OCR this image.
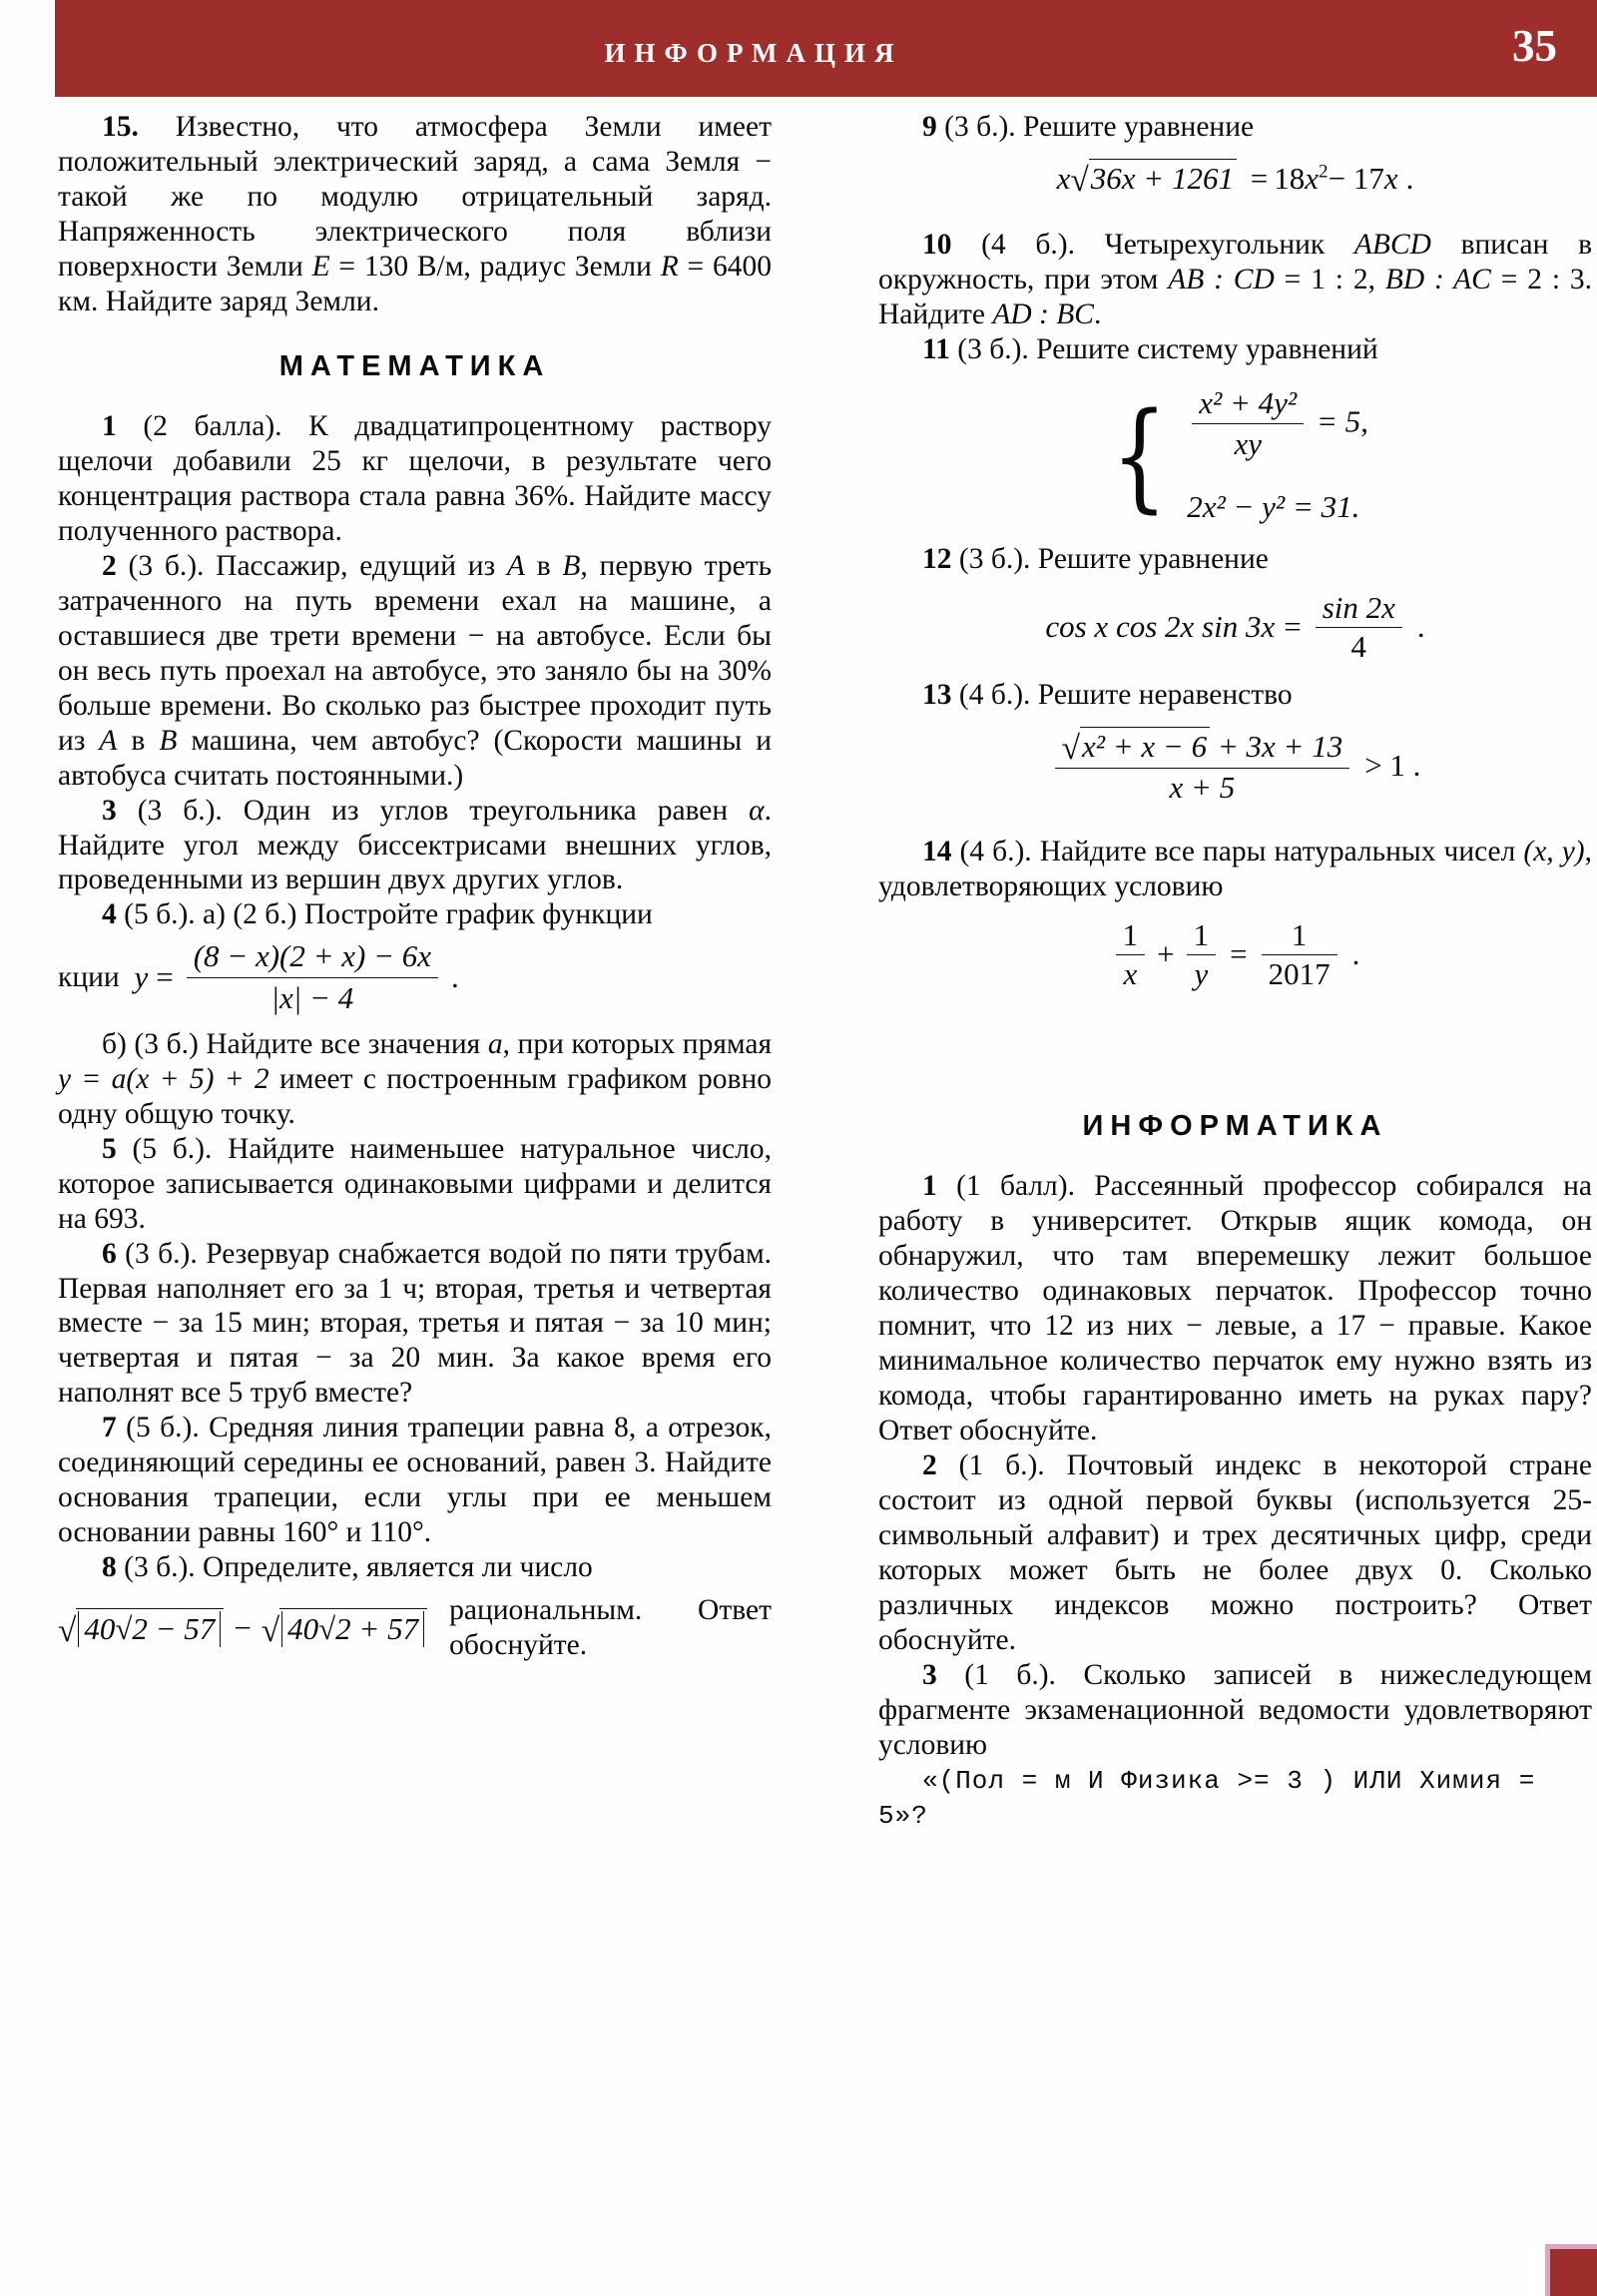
ИНФОРМАЦИЯ	35

15. Известно, что атмосфера Земли имеет положительный электрический заряд, а сама Земля − такой же по модулю отрицательный заряд. Напряженность электрического поля вблизи поверхности Земли E = 130 В/м, радиус Земли R = 6400 км. Найдите заряд Земли.

МАТЕМАТИКА

1 (2 балла). К двадцатипроцентному раствору щелочи добавили 25 кг щелочи, в результате чего концентрация раствора стала равна 36%. Найдите массу полученного раствора.

2 (3 б.). Пассажир, едущий из A в B, первую треть затраченного на путь времени ехал на машине, а оставшиеся две трети времени − на автобусе. Если бы он весь путь проехал на автобусе, это заняло бы на 30% больше времени. Во сколько раз быстрее проходит путь из A в B машина, чем автобус? (Скорости машины и автобуса считать постоянными.)

3 (3 б.). Один из углов треугольника равен α. Найдите угол между биссектрисами внешних углов, проведенными из вершин двух других углов.

4 (5 б.). а) (2 б.) Постройте график функции

кции $y = \frac{(8 - x)(2 + x) - 6x}{|x| - 4}$ .

б) (3 б.) Найдите все значения a, при которых прямая y = a(x + 5) + 2 имеет с построенным графиком ровно одну общую точку.

5 (5 б.). Найдите наименьшее натуральное число, которое записывается одинаковыми цифрами и делится на 693.

6 (3 б.). Резервуар снабжается водой по пяти трубам. Первая наполняет его за 1 ч; вторая, третья и четвертая вместе − за 15 мин; вторая, третья и пятая − за 10 мин; четвертая и пятая − за 20 мин. За какое время его наполнят все 5 труб вместе?

7 (5 б.). Средняя линия трапеции равна 8, а отрезок, соединяющий середины ее оснований, равен 3. Найдите основания трапеции, если углы при ее меньшем основании равны 160° и 110°.

8 (3 б.). Определите, является ли число

√ 40√2 − 57 − √ 40√2 + 57
рациональным. Ответ обоснуйте.

9 (3 б.). Решите уравнение

$x√36x + 1261 = 18x^2- 17x$ .

10 (4 б.). Четырехугольник ABCD вписан в окружность, при этом AB : CD = 1 : 2, BD : AC = 2 : 3. Найдите AD : BC.

11 (3 б.). Решите систему уравнений

{ $\frac{\text{x² + 4y²}}{xy} = 5$,
2x² − y² = 31.

12 (3 б.). Решите уравнение

cos x cos 2x $\sin 3x = \frac{\sin 2x}{4}$ .

13 (4 б.). Решите неравенство

$\frac{\text{√x² + x − 6 + 3x + 13}}{x + 5} > 1$ .

14 (4 б.). Найдите все пары натуральных чисел (x, y), удовлетворяющих условию

$\frac{1}{x} + \frac{1}{y} = \frac{1}{2017}$ .
ИНФОРМАТИКА

1 (1 балл). Рассеянный профессор собирался на работу в университет. Открыв ящик комода, он обнаружил, что там вперемешку лежит большое количество одинаковых перчаток. Профессор точно помнит, что 12 из них − левые, а 17 − правые. Какое минимальное количество перчаток ему нужно взять из комода, чтобы гарантированно иметь на руках пару? Ответ обоснуйте.

2 (1 б.). Почтовый индекс в некоторой стране состоит из одной первой буквы (используется 25-символьный алфавит) и трех десятичных цифр, среди которых может быть не более двух 0. Сколько различных индексов можно построить? Ответ обоснуйте.

3 (1 б.). Сколько записей в нижеследующем фрагменте экзаменационной ведомости удовлетворяют условию

«(Пол = м И Физика >= 3 ) ИЛИ Химия = 5»?
